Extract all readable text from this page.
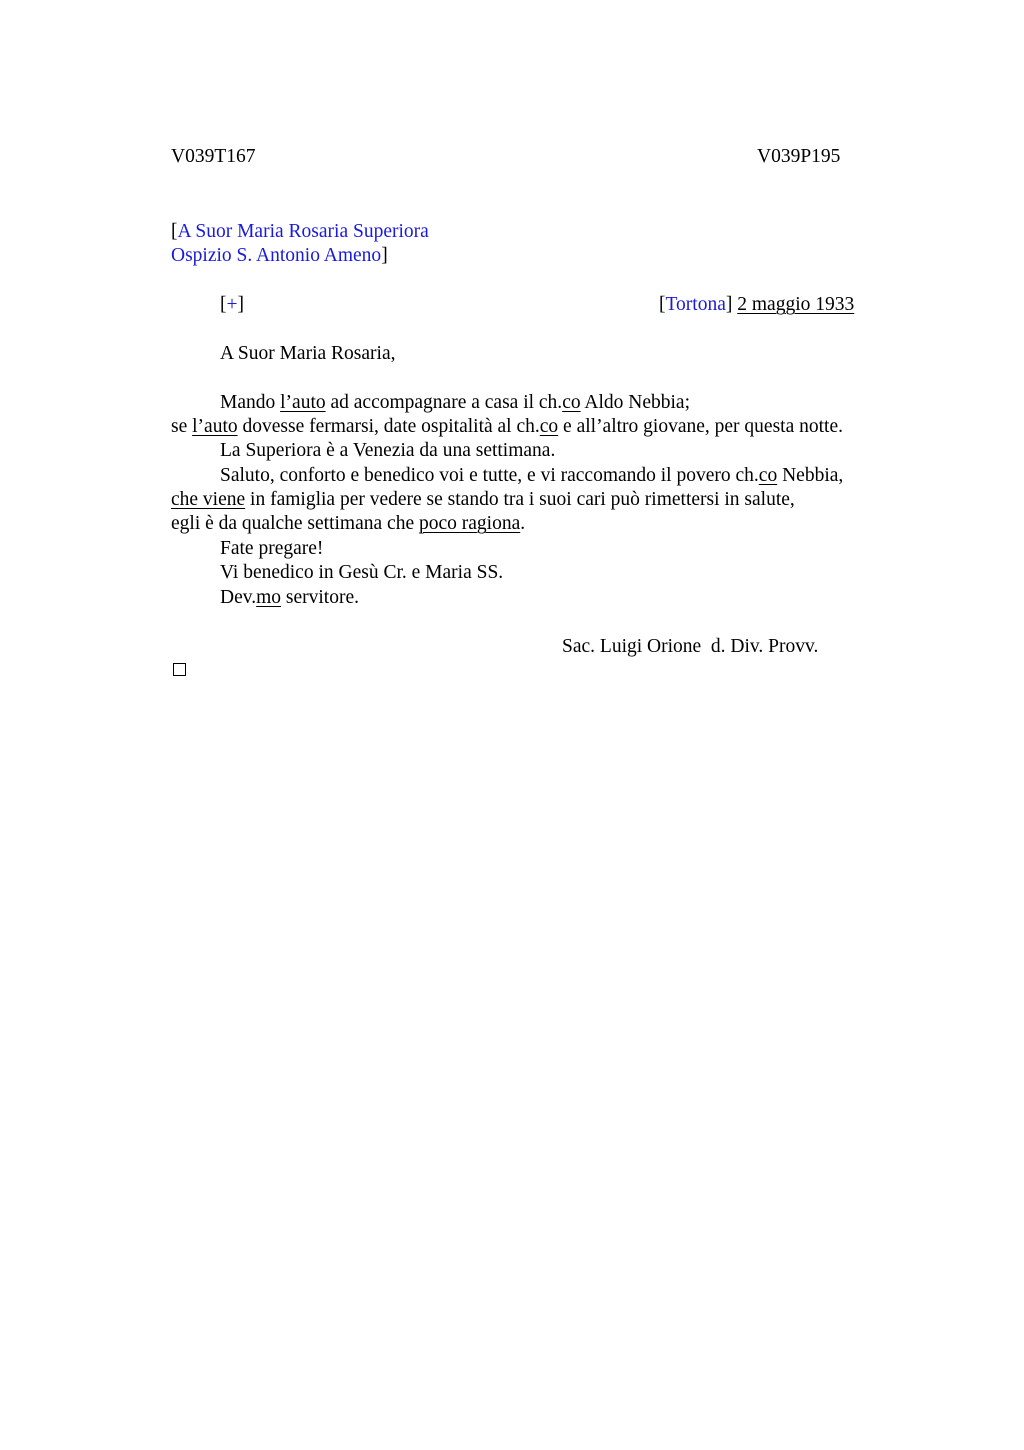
V039T167	V039P195
[A Suor Maria Rosaria Superiora
Ospizio S. Antonio Ameno]
[+]	[Tortona] 2 maggio 1933
A Suor Maria Rosaria,
Mando l’auto ad accompagnare a casa il ch.co Aldo Nebbia;
se l’auto dovesse fermarsi, date ospitalità al ch.co e all’altro giovane, per questa notte.
La Superiora è a Venezia da una settimana.
Saluto, conforto e benedico voi e tutte, e vi raccomando il povero ch.co Nebbia,
che viene in famiglia per vedere se stando tra i suoi cari può rimettersi in salute,
egli è da qualche settimana che poco ragiona.
Fate pregare!
Vi benedico in Gesù Cr. e Maria SS.
Dev.mo servitore.
Sac. Luigi Orione  d. Div. Provv.
